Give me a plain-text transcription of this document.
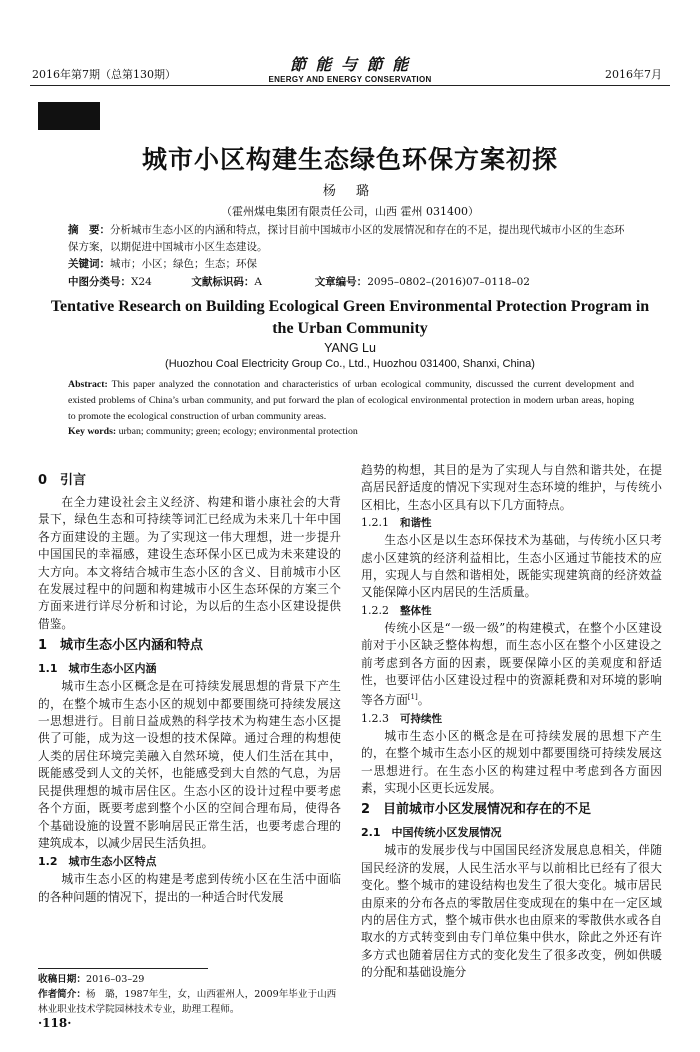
2016年第7期（总第130期）
節 能 与 節 能
ENERGY AND ENERGY CONSERVATION	2016年7月
城市小区构建生态绿色环保方案初探
杨 璐
（霍州煤电集团有限责任公司，山西 霍州 031400）
摘　要：分析城市生态小区的内涵和特点，探讨目前中国城市小区的发展情况和存在的不足，提出现代城市小区的生态环保方案，以期促进中国城市小区生态建设。
关键词：城市；小区；绿色；生态；环保
中图分类号：X24	文献标识码：A	文章编号：2095–0802–(2016)07–0118–02
Tentative Research on Building Ecological Green Environmental Protection Program in the Urban Community
YANG Lu
(Huozhou Coal Electricity Group Co., Ltd., Huozhou 031400, Shanxi, China)
Abstract: This paper analyzed the connotation and characteristics of urban ecological community, discussed the current development and existed problems of China’s urban community, and put forward the plan of ecological environmental protection in modern urban areas, hoping to promote the ecological construction of urban community areas.
Key words: urban; community; green; ecology; environmental protection
0　引言

在全力建设社会主义经济、构建和谐小康社会的大背景下，绿色生态和可持续等词汇已经成为未来几十年中国各方面建设的主题。为了实现这一伟大理想，进一步提升中国国民的幸福感，建设生态环保小区已成为未来建设的大方向。本文将结合城市生态小区的含义、目前城市小区在发展过程中的问题和构建城市小区生态环保的方案三个方面来进行详尽分析和讨论，为以后的生态小区建设提供借鉴。

1　城市生态小区内涵和特点
1.1　城市生态小区内涵

城市生态小区概念是在可持续发展思想的背景下产生的，在整个城市生态小区的规划中都要围绕可持续发展这一思想进行。目前日益成熟的科学技术为构建生态小区提供了可能，成为这一设想的技术保障。通过合理的构想使人类的居住环境完美融入自然环境，使人们生活在其中，既能感受到人文的关怀，也能感受到大自然的气息，为居民提供理想的城市居住区。生态小区的设计过程中要考虑各个方面，既要考虑到整个小区的空间合理布局，使得各个基础设施的设置不影响居民正常生活，也要考虑合理的建筑成本，以减少居民生活负担。

1.2　城市生态小区特点

城市生态小区的构建是考虑到传统小区在生活中面临的各种问题的情况下，提出的一种适合时代发展

趋势的构想，其目的是为了实现人与自然和谐共处，在提高居民舒适度的情况下实现对生态环境的维护，与传统小区相比，生态小区具有以下几方面特点。

1.2.1　 和谐性

生态小区是以生态环保技术为基础，与传统小区只考虑小区建筑的经济利益相比，生态小区通过节能技术的应用，实现人与自然和谐相处，既能实现建筑商的经济效益又能保障小区内居民的生活质量。

1.2.2　 整体性

传统小区是“一级一级”的构建模式，在整个小区建设前对于小区缺乏整体构想，而生态小区在整个小区建设之前考虑到各方面的因素，既要保障小区的美观度和舒适性，也要评估小区建设过程中的资源耗费和对环境的影响等各方面[1]。

1.2.3　 可持续性

城市生态小区的概念是在可持续发展的思想下产生的，在整个城市生态小区的规划中都要围绕可持续发展这一思想进行。在生态小区的构建过程中考虑到各方面因素，实现小区更长远发展。

2　目前城市小区发展情况和存在的不足
2.1　中国传统小区发展情况

城市的发展步伐与中国国民经济发展息息相关，伴随国民经济的发展，人民生活水平与以前相比已经有了很大变化。整个城市的建设结构也发生了很大变化。城市居民由原来的分布各点的零散居住变成现在的集中在一定区域内的居住方式，整个城市供水也由原来的零散供水或各自取水的方式转变到由专门单位集中供水，除此之外还有许多方式也随着居住方式的变化发生了很多改变，例如供暖的分配和基础设施分

收稿日期：2016–03–29
作者简介：杨　璐，1987年生，女，山西霍州人，2009年毕业于山西林业职业技术学院园林技术专业，助理工程师。
·118·
